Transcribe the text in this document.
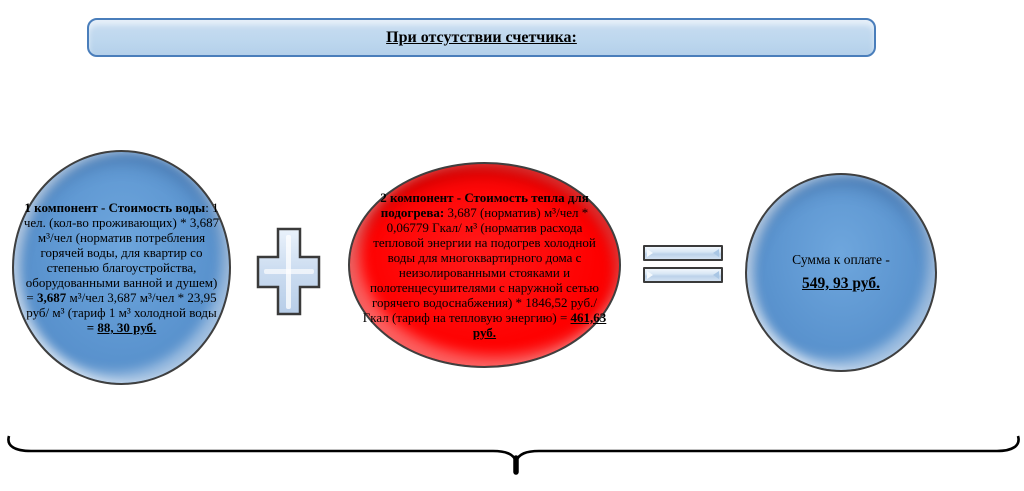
При отсутствии счетчика:

1 компонент - Стоимость воды: 1 чел. (кол-во проживающих) * 3,687 м³/чел (норматив потребления горячей воды, для квартир со степенью благоустройства, оборудованными ванной и душем) = 3,687 м³/чел 3,687 м³/чел * 23,95 руб/ м³ (тариф 1 м³ холодной воды = 88, 30 руб.

2 компонент - Стоимость тепла для подогрева: 3,687 (норматив) м³/чел * 0,06779 Гкал/ м³ (норматив расхода тепловой энергии на подогрев холодной воды для многоквартирного дома с неизолированными стояками и полотенцесушителями с наружной сетью горячего водоснабжения) * 1846,52 руб./Гкал (тариф на тепловую энергию) = 461,63 руб.

Сумма к оплате -

549, 93 руб.
